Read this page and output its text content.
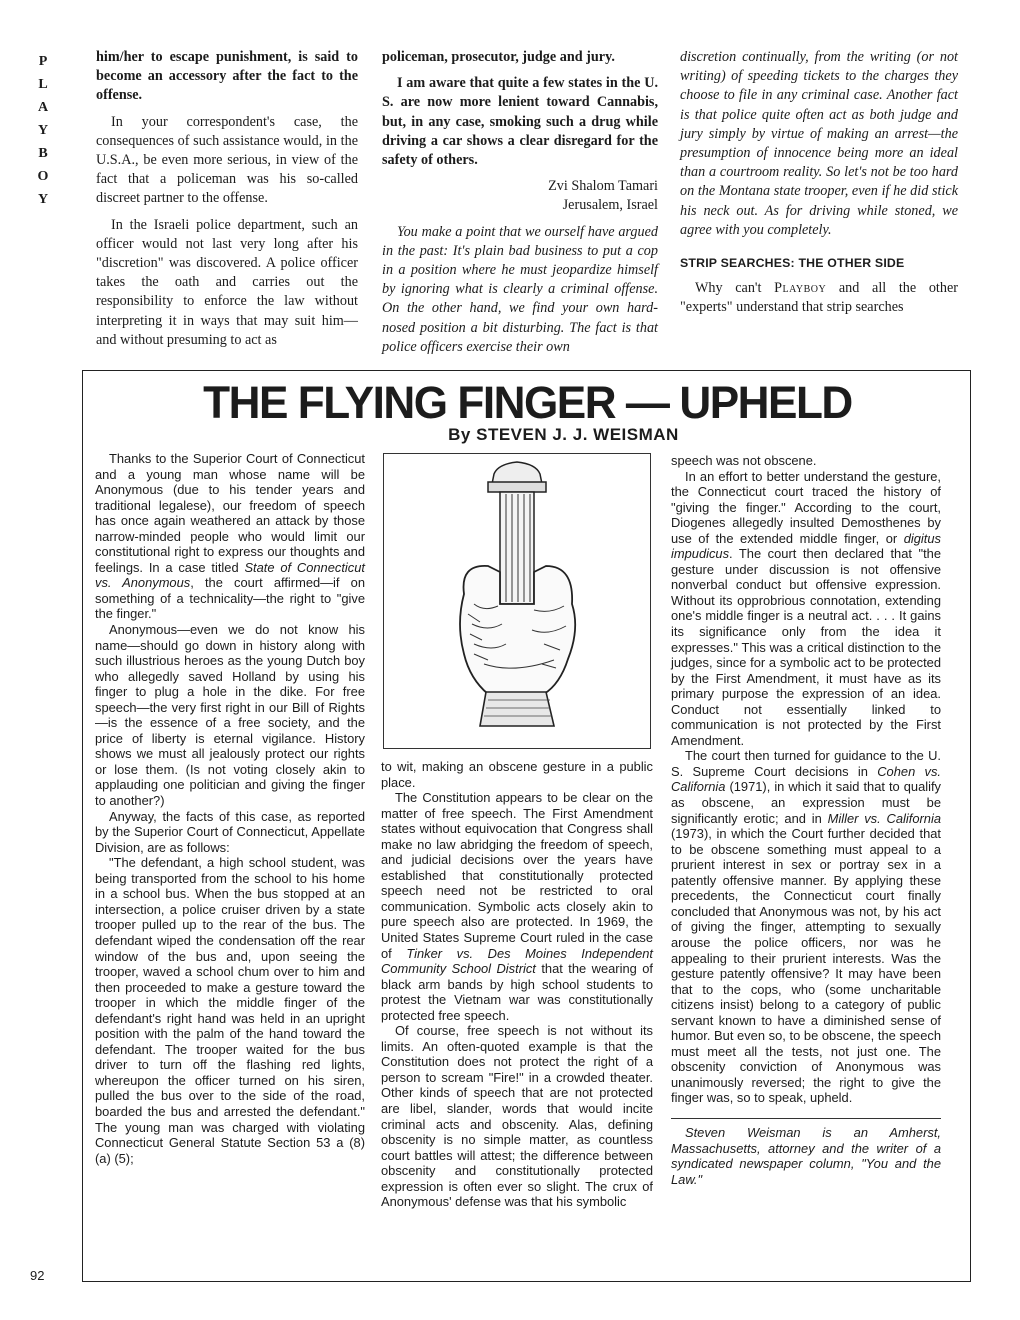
P
L
A
Y
B
O
Y

him/her to escape punishment, is said to become an accessory after the fact to the offense.

In your correspondent's case, the consequences of such assistance would, in the U.S.A., be even more serious, in view of the fact that a policeman was his so-called discreet partner to the offense.

In the Israeli police department, such an officer would not last very long after his "discretion" was discovered. A police officer takes the oath and carries out the responsibility to enforce the law without interpreting it in ways that may suit him—and without presuming to act as

policeman, prosecutor, judge and jury.

I am aware that quite a few states in the U. S. are now more lenient toward Cannabis, but, in any case, smoking such a drug while driving a car shows a clear disregard for the safety of others.

Zvi Shalom Tamari

Jerusalem, Israel

You make a point that we ourself have argued in the past: It's plain bad business to put a cop in a position where he must jeopardize himself by ignoring what is clearly a criminal offense. On the other hand, we find your own hard-nosed position a bit disturbing. The fact is that police officers exercise their own

discretion continually, from the writing (or not writing) of speeding tickets to the charges they choose to file in any criminal case. Another fact is that police quite often act as both judge and jury simply by virtue of making an arrest—the presumption of innocence being more an ideal than a courtroom reality. So let's not be too hard on the Montana state trooper, even if he did stick his neck out. As for driving while stoned, we agree with you completely.

STRIP SEARCHES: THE OTHER SIDE

Why can't Playboy and all the other "experts" understand that strip searches

THE FLYING FINGER — UPHELD
By STEVEN J. J. WEISMAN

Thanks to the Superior Court of Connecticut and a young man whose name will be Anonymous (due to his tender years and traditional legalese), our freedom of speech has once again weathered an attack by those narrow-minded people who would limit our constitutional right to express our thoughts and feelings. In a case titled State of Connecticut vs. Anonymous, the court affirmed—if on something of a technicality—the right to "give the finger."

Anonymous—even we do not know his name—should go down in history along with such illustrious heroes as the young Dutch boy who allegedly saved Holland by using his finger to plug a hole in the dike. For free speech—the very first right in our Bill of Rights—is the essence of a free society, and the price of liberty is eternal vigilance. History shows we must all jealously protect our rights or lose them. (Is not voting closely akin to applauding one politician and giving the finger to another?)

Anyway, the facts of this case, as reported by the Superior Court of Connecticut, Appellate Division, are as follows:

"The defendant, a high school student, was being transported from the school to his home in a school bus. When the bus stopped at an intersection, a police cruiser driven by a state trooper pulled up to the rear of the bus. The defendant wiped the condensation off the rear window of the bus and, upon seeing the trooper, waved a school chum over to him and then proceeded to make a gesture toward the trooper in which the middle finger of the defendant's right hand was held in an upright position with the palm of the hand toward the defendant. The trooper waited for the bus driver to turn off the flashing red lights, whereupon the officer turned on his siren, pulled the bus over to the side of the road, boarded the bus and arrested the defendant." The young man was charged with violating Connecticut General Statute Section 53 a (8) (a) (5);

to wit, making an obscene gesture in a public place.

The Constitution appears to be clear on the matter of free speech. The First Amendment states without equivocation that Congress shall make no law abridging the freedom of speech, and judicial decisions over the years have established that constitutionally protected speech need not be restricted to oral communication. Symbolic acts closely akin to pure speech also are protected. In 1969, the United States Supreme Court ruled in the case of Tinker vs. Des Moines Independent Community School District that the wearing of black arm bands by high school students to protest the Vietnam war was constitutionally protected free speech.

Of course, free speech is not without its limits. An often-quoted example is that the Constitution does not protect the right of a person to scream "Fire!" in a crowded theater. Other kinds of speech that are not protected are libel, slander, words that would incite criminal acts and obscenity. Alas, defining obscenity is no simple matter, as countless court battles will attest; the difference between obscenity and constitutionally protected expression is often ever so slight. The crux of Anonymous' defense was that his symbolic

speech was not obscene.

In an effort to better understand the gesture, the Connecticut court traced the history of "giving the finger." According to the court, Diogenes allegedly insulted Demosthenes by use of the extended middle finger, or digitus impudicus. The court then declared that "the gesture under discussion is not offensive nonverbal conduct but offensive expression. Without its opprobrious connotation, extending one's middle finger is a neutral act. . . . It gains its significance only from the idea it expresses." This was a critical distinction to the judges, since for a symbolic act to be protected by the First Amendment, it must have as its primary purpose the expression of an idea. Conduct not essentially linked to communication is not protected by the First Amendment.

The court then turned for guidance to the U. S. Supreme Court decisions in Cohen vs. California (1971), in which it said that to qualify as obscene, an expression must be significantly erotic; and in Miller vs. California (1973), in which the Court further decided that to be obscene something must appeal to a prurient interest in sex or portray sex in a patently offensive manner. By applying these precedents, the Connecticut court finally concluded that Anonymous was not, by his act of giving the finger, attempting to sexually arouse the police officers, nor was he appealing to their prurient interests. Was the gesture patently offensive? It may have been that to the cops, who (some uncharitable citizens insist) belong to a category of public servant known to have a diminished sense of humor. But even so, to be obscene, the speech must meet all the tests, not just one. The obscenity conviction of Anonymous was unanimously reversed; the right to give the finger was, so to speak, upheld.

Steven Weisman is an Amherst, Massachusetts, attorney and the writer of a syndicated newspaper column, "You and the Law."

92
